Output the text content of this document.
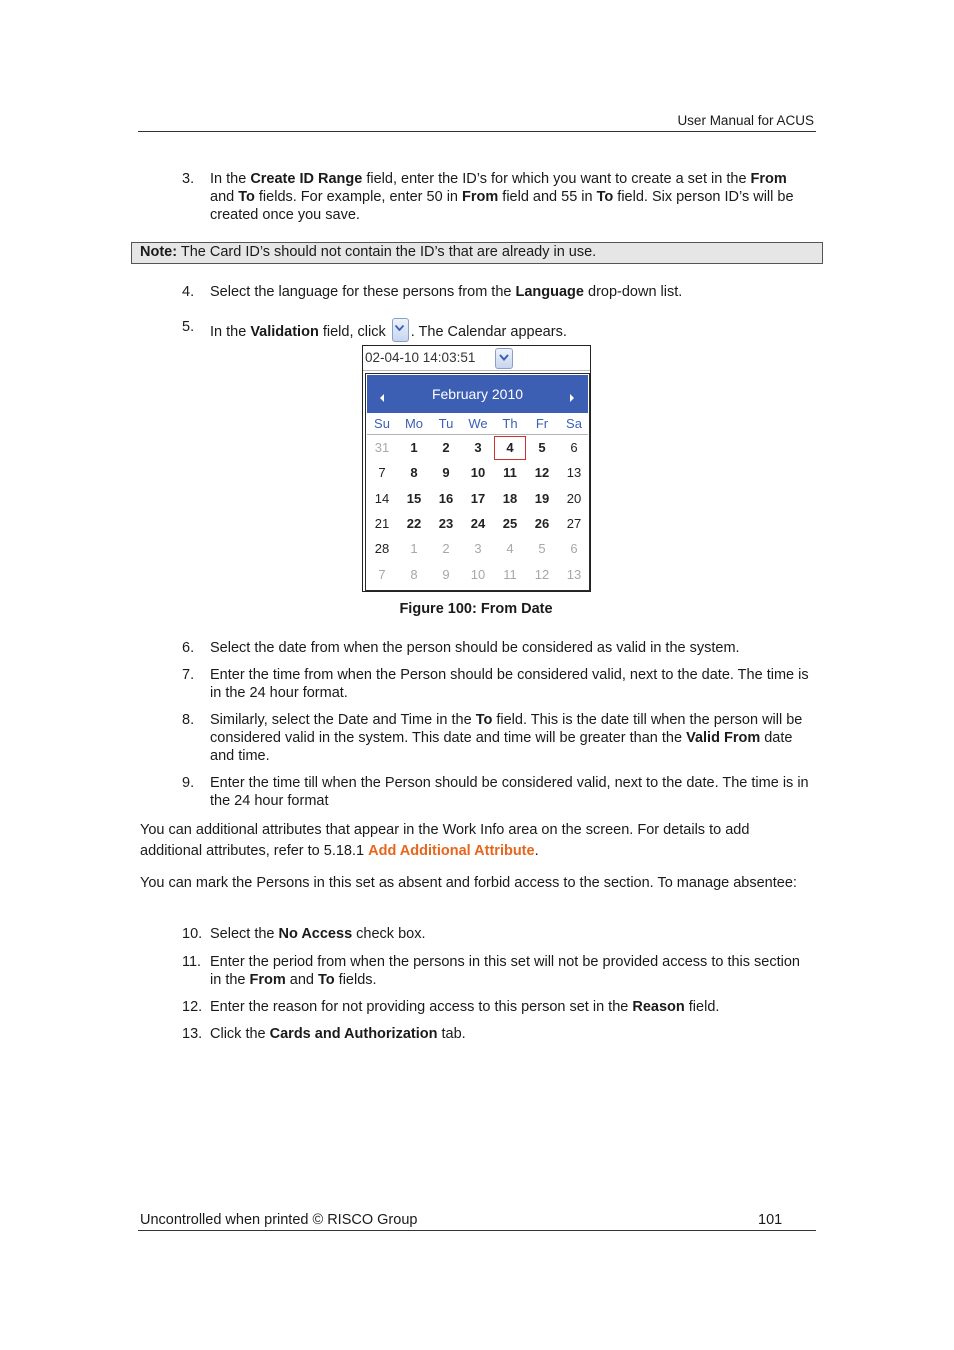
User Manual for ACUS
3. In the Create ID Range field, enter the ID’s for which you want to create a set in the From and To fields. For example, enter 50 in From field and 55 in To field. Six person ID’s will be created once you save.
Note: The Card ID’s should not contain the ID’s that are already in use.
4. Select the language for these persons from the Language drop-down list.
5. In the Validation field, click
. The Calendar appears.
02-04-10 14:03:51
February 2010
Su	Mo	Tu	We	Th	Fr	Sa
31	1	2	3	4	5	6
7	8	9	10	11	12	13
14	15	16	17	18	19	20
21	22	23	24	25	26	27
28	1	2	3	4	5	6
7	8	9	10	11	12	13
Figure 100: From Date
6. Select the date from when the person should be considered as valid in the system.
7. Enter the time from when the Person should be considered valid, next to the date. The time is in the 24 hour format.
8. Similarly, select the Date and Time in the To field. This is the date till when the person will be considered valid in the system. This date and time will be greater than the Valid From date and time.
9. Enter the time till when the Person should be considered valid, next to the date. The time is in the 24 hour format
You can additional attributes that appear in the Work Info area on the screen. For details to add additional attributes, refer to 5.18.1 Add Additional Attribute.
You can mark the Persons in this set as absent and forbid access to the section. To manage absentee:
10. Select the No Access check box.
11. Enter the period from when the persons in this set will not be provided access to this section in the From and To fields.
12. Enter the reason for not providing access to this person set in the Reason field.
13. Click the Cards and Authorization tab.
Uncontrolled when printed © RISCO Group	101
